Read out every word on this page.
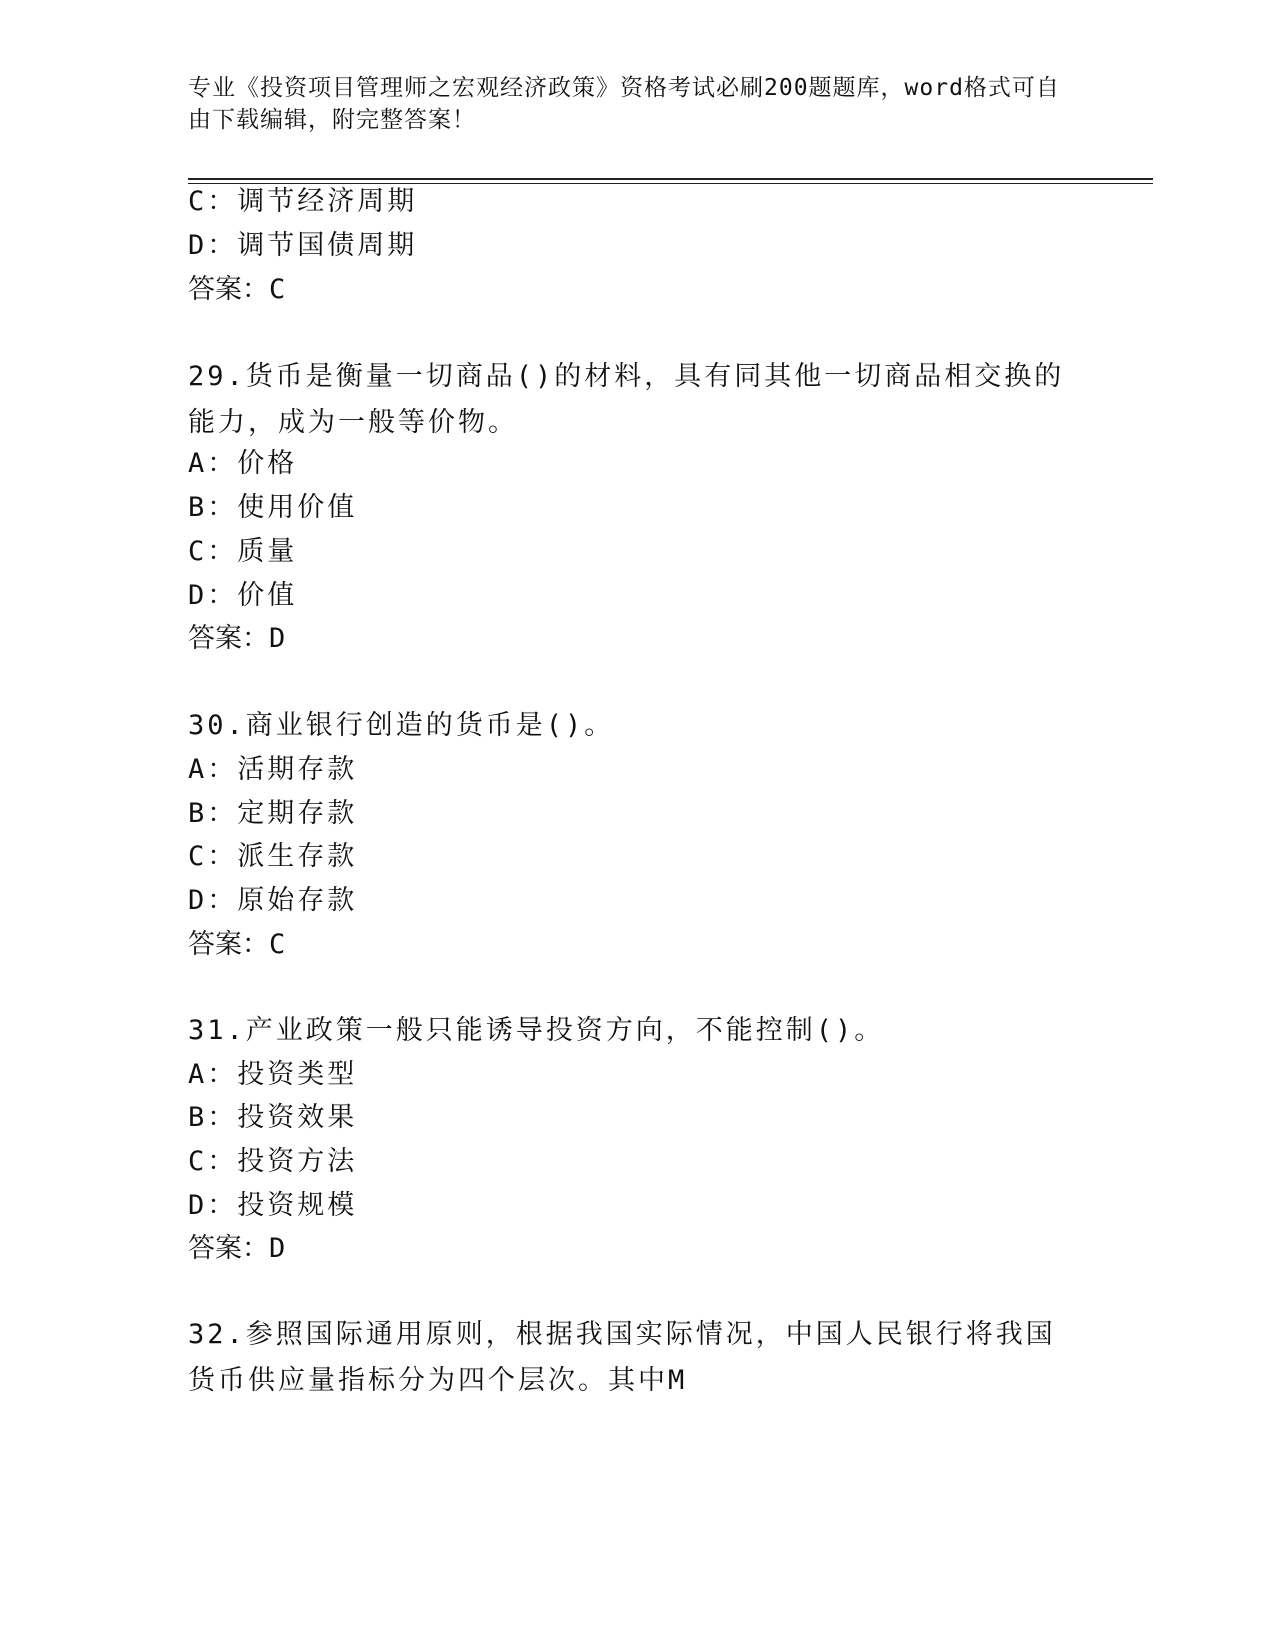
专业《投资项目管理师之宏观经济政策》资格考试必刷200题题库，word格式可自由下载编辑，附完整答案！
C：调节经济周期
D：调节国债周期
答案：C
29.货币是衡量一切商品()的材料，具有同其他一切商品相交换的能力，成为一般等价物。
A：价格
B：使用价值
C：质量
D：价值
答案：D
30.商业银行创造的货币是()。
A：活期存款
B：定期存款
C：派生存款
D：原始存款
答案：C
31.产业政策一般只能诱导投资方向，不能控制()。
A：投资类型
B：投资效果
C：投资方法
D：投资规模
答案：D
32.参照国际通用原则，根据我国实际情况，中国人民银行将我国货币供应量指标分为四个层次。其中M
